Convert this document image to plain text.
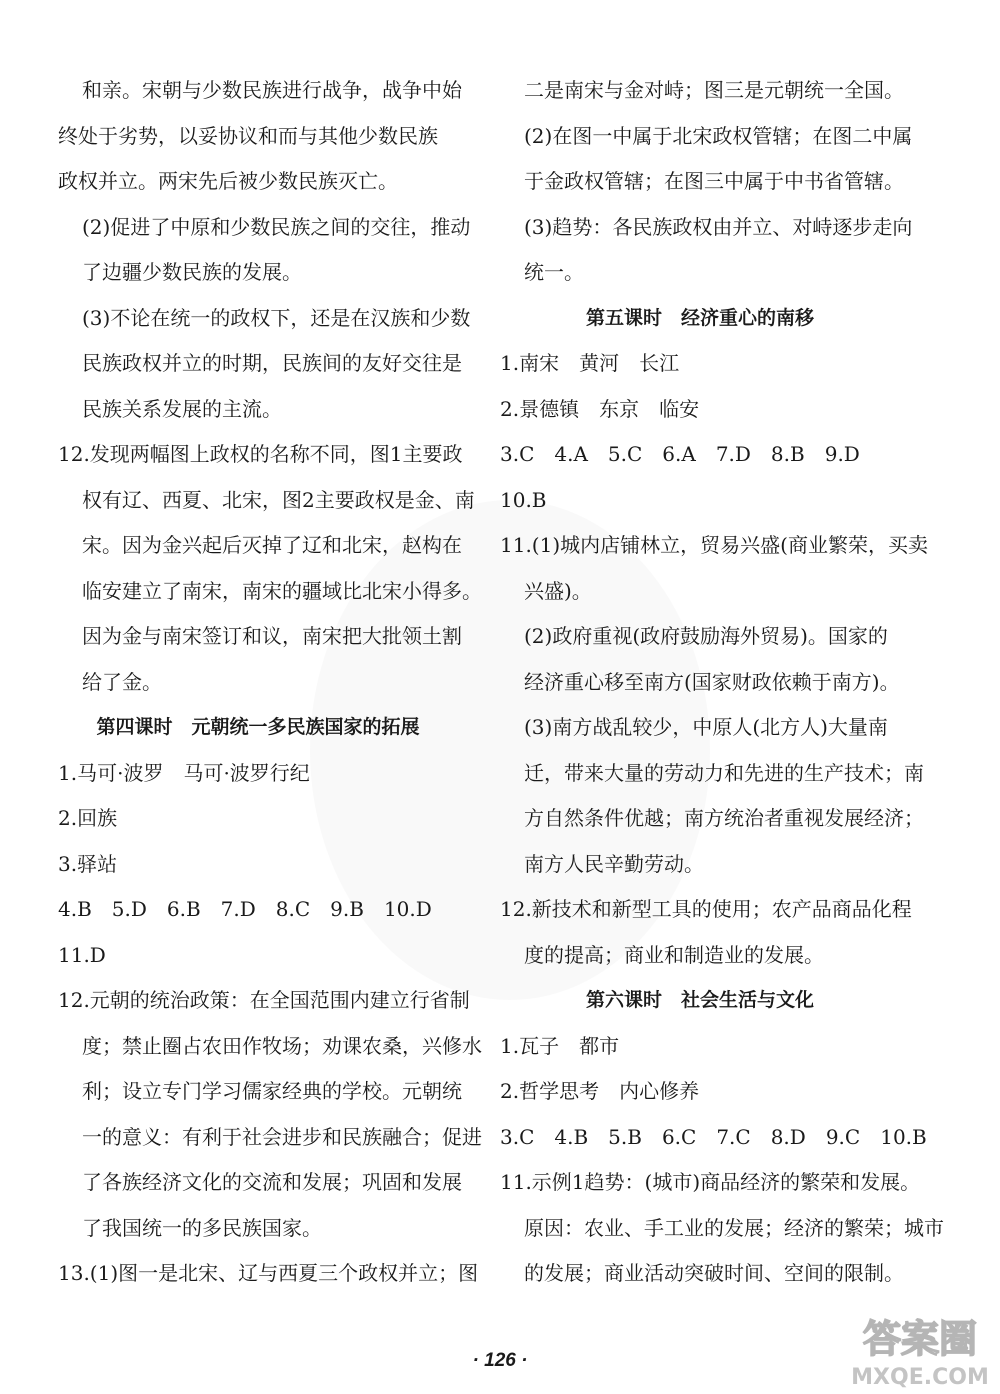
和亲。宋朝与少数民族进行战争，战争中始
终处于劣势，以妥协议和而与其他少数民族
政权并立。两宋先后被少数民族灭亡。
(2)促进了中原和少数民族之间的交往，推动
了边疆少数民族的发展。
(3)不论在统一的政权下，还是在汉族和少数
民族政权并立的时期，民族间的友好交往是
民族关系发展的主流。
12.发现两幅图上政权的名称不同，图1主要政
权有辽、西夏、北宋，图2主要政权是金、南
宋。因为金兴起后灭掉了辽和北宋，赵构在
临安建立了南宋，南宋的疆域比北宋小得多。
因为金与南宋签订和议，南宋把大批领土割
给了金。
第四课时　元朝统一多民族国家的拓展
1.马可·波罗　马可·波罗行纪
2.回族
3.驿站
4.B　5.D　6.B　7.D　8.C　9.B　10.D
11.D
12.元朝的统治政策：在全国范围内建立行省制
度；禁止圈占农田作牧场；劝课农桑，兴修水
利；设立专门学习儒家经典的学校。元朝统
一的意义：有利于社会进步和民族融合；促进
了各族经济文化的交流和发展；巩固和发展
了我国统一的多民族国家。
13.(1)图一是北宋、辽与西夏三个政权并立；图
二是南宋与金对峙；图三是元朝统一全国。
(2)在图一中属于北宋政权管辖；在图二中属
于金政权管辖；在图三中属于中书省管辖。
(3)趋势：各民族政权由并立、对峙逐步走向
统一。
第五课时　经济重心的南移
1.南宋　黄河　长江
2.景德镇　东京　临安
3.C　4.A　5.C　6.A　7.D　8.B　9.D
10.B
11.(1)城内店铺林立，贸易兴盛(商业繁荣，买卖
兴盛)。
(2)政府重视(政府鼓励海外贸易)。国家的
经济重心移至南方(国家财政依赖于南方)。
(3)南方战乱较少，中原人(北方人)大量南
迁，带来大量的劳动力和先进的生产技术；南
方自然条件优越；南方统治者重视发展经济；
南方人民辛勤劳动。
12.新技术和新型工具的使用；农产品商品化程
度的提高；商业和制造业的发展。
第六课时　社会生活与文化
1.瓦子　都市
2.哲学思考　内心修养
3.C　4.B　5.B　6.C　7.C　8.D　9.C　10.B
11.示例1趋势：(城市)商品经济的繁荣和发展。
原因：农业、手工业的发展；经济的繁荣；城市
的发展；商业活动突破时间、空间的限制。
· 126 ·	答案圈
MXQE.COM
